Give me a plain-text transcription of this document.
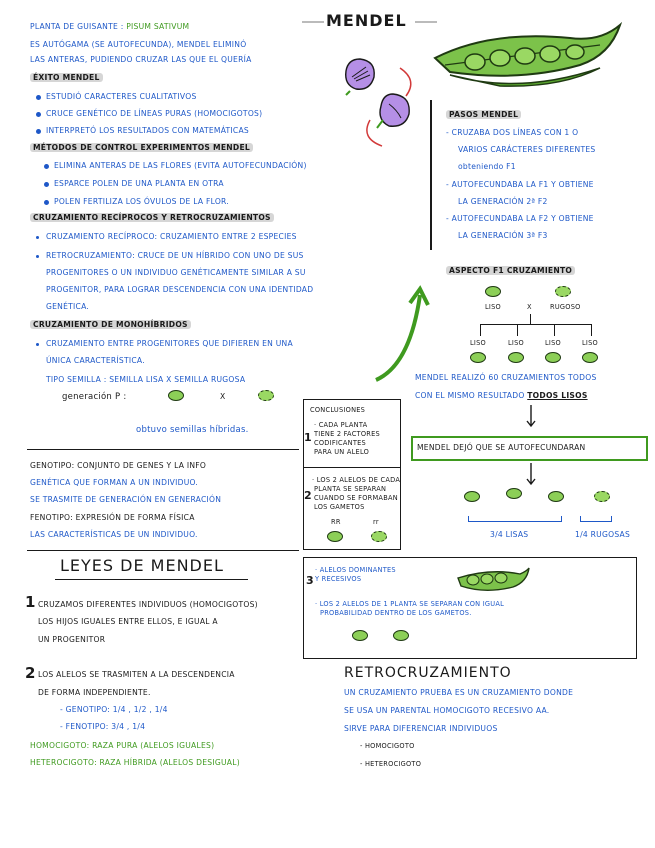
MENDEL
PLANTA DE GUISANTE : PISUM SATIVUM
ES AUTÓGAMA (SE AUTOFECUNDA), MENDEL ELIMINÓ
LAS ANTERAS, PUDIENDO CRUZAR LAS QUE EL QUERÍA
ÉXITO MENDEL
ESTUDIÓ CARACTERES CUALITATIVOS
CRUCE GENÉTICO DE LÍNEAS PURAS (HOMOCIGOTOS)
INTERPRETÓ LOS RESULTADOS CON MATEMÁTICAS
MÉTODOS DE CONTROL EXPERIMENTOS MENDEL
ELIMINA ANTERAS DE LAS FLORES (EVITA AUTOFECUNDACIÓN)
ESPARCE POLEN DE UNA PLANTA EN OTRA
POLEN FERTILIZA LOS ÓVULOS DE LA FLOR.
CRUZAMIENTO RECÍPROCOS Y RETROCRUZAMIENTOS
CRUZAMIENTO RECÍPROCO: CRUZAMIENTO ENTRE 2 ESPECIES
RETROCRUZAMIENTO: CRUCE DE UN HÍBRIDO CON UNO DE SUS
PROGENITORES O UN INDIVIDUO GENÉTICAMENTE SIMILAR A SU
PROGENITOR, PARA LOGRAR DESCENDENCIA CON UNA IDENTIDAD
GENÉTICA.
CRUZAMIENTO DE MONOHÍBRIDOS
CRUZAMIENTO ENTRE PROGENITORES QUE DIFIEREN EN UNA
ÚNICA CARACTERÍSTICA.
TIPO SEMILLA : SEMILLA LISA X SEMILLA RUGOSA
generación P :	X
obtuvo semillas híbridas.
PASOS MENDEL
- CRUZABA DOS LÍNEAS CON 1 O
VARIOS CARÁCTERES DIFERENTES
obteniendo F1
- AUTOFECUNDABA LA F1 Y OBTIENE
LA GENERACIÓN 2ª F2
- AUTOFECUNDABA LA F2 Y OBTIENE
LA GENERACIÓN 3ª F3
ASPECTO F1 CRUZAMIENTO
LISO	X	RUGOSO
LISO	LISO	LISO	LISO
MENDEL REALIZÓ 60 CRUZAMIENTOS TODOS
CON EL MISMO RESULTADO TODOS LISOS
MENDEL DEJÓ QUE SE AUTOFECUNDARAN
3/4 LISAS	1/4 RUGOSAS
CONCLUSIONES
1
· CADA PLANTA
TIENE 2 FACTORES
CODIFICANTES
PARA UN ALELO
2
· LOS 2 ALELOS DE CADA
PLANTA SE SEPARAN
CUANDO SE FORMABAN
LOS GAMETOS
RR	rr
GENOTIPO: CONJUNTO DE GENES Y LA INFO
GENÉTICA QUE FORMAN A UN INDIVIDUO.
SE TRASMITE DE GENERACIÓN EN GENERACIÓN
FENOTIPO: EXPRESIÓN DE FORMA FÍSICA
LAS CARACTERÍSTICAS DE UN INDIVIDUO.
LEYES DE MENDEL
1 CRUZAMOS DIFERENTES INDIVIDUOS (HOMOCIGOTOS)
LOS HIJOS IGUALES ENTRE ELLOS, E IGUAL A
UN PROGENITOR
2 LOS ALELOS SE TRASMITEN A LA DESCENDENCIA
DE FORMA INDEPENDIENTE.
- GENOTIPO: 1/4 , 1/2 , 1/4
- FENOTIPO: 3/4 , 1/4
HOMOCIGOTO: RAZA PURA (ALELOS IGUALES)
HETEROCIGOTO: RAZA HÍBRIDA (ALELOS DESIGUAL)
· ALELOS DOMINANTES
3 Y RECESIVOS
· LOS 2 ALELOS DE 1 PLANTA SE SEPARAN CON IGUAL
PROBABILIDAD DENTRO DE LOS GAMETOS.
RETROCRUZAMIENTO
UN CRUZAMIENTO PRUEBA ES UN CRUZAMIENTO DONDE
SE USA UN PARENTAL HOMOCIGOTO RECESIVO AA.
SIRVE PARA DIFERENCIAR INDIVIDUOS
- HOMOCIGOTO
- HETEROCIGOTO
